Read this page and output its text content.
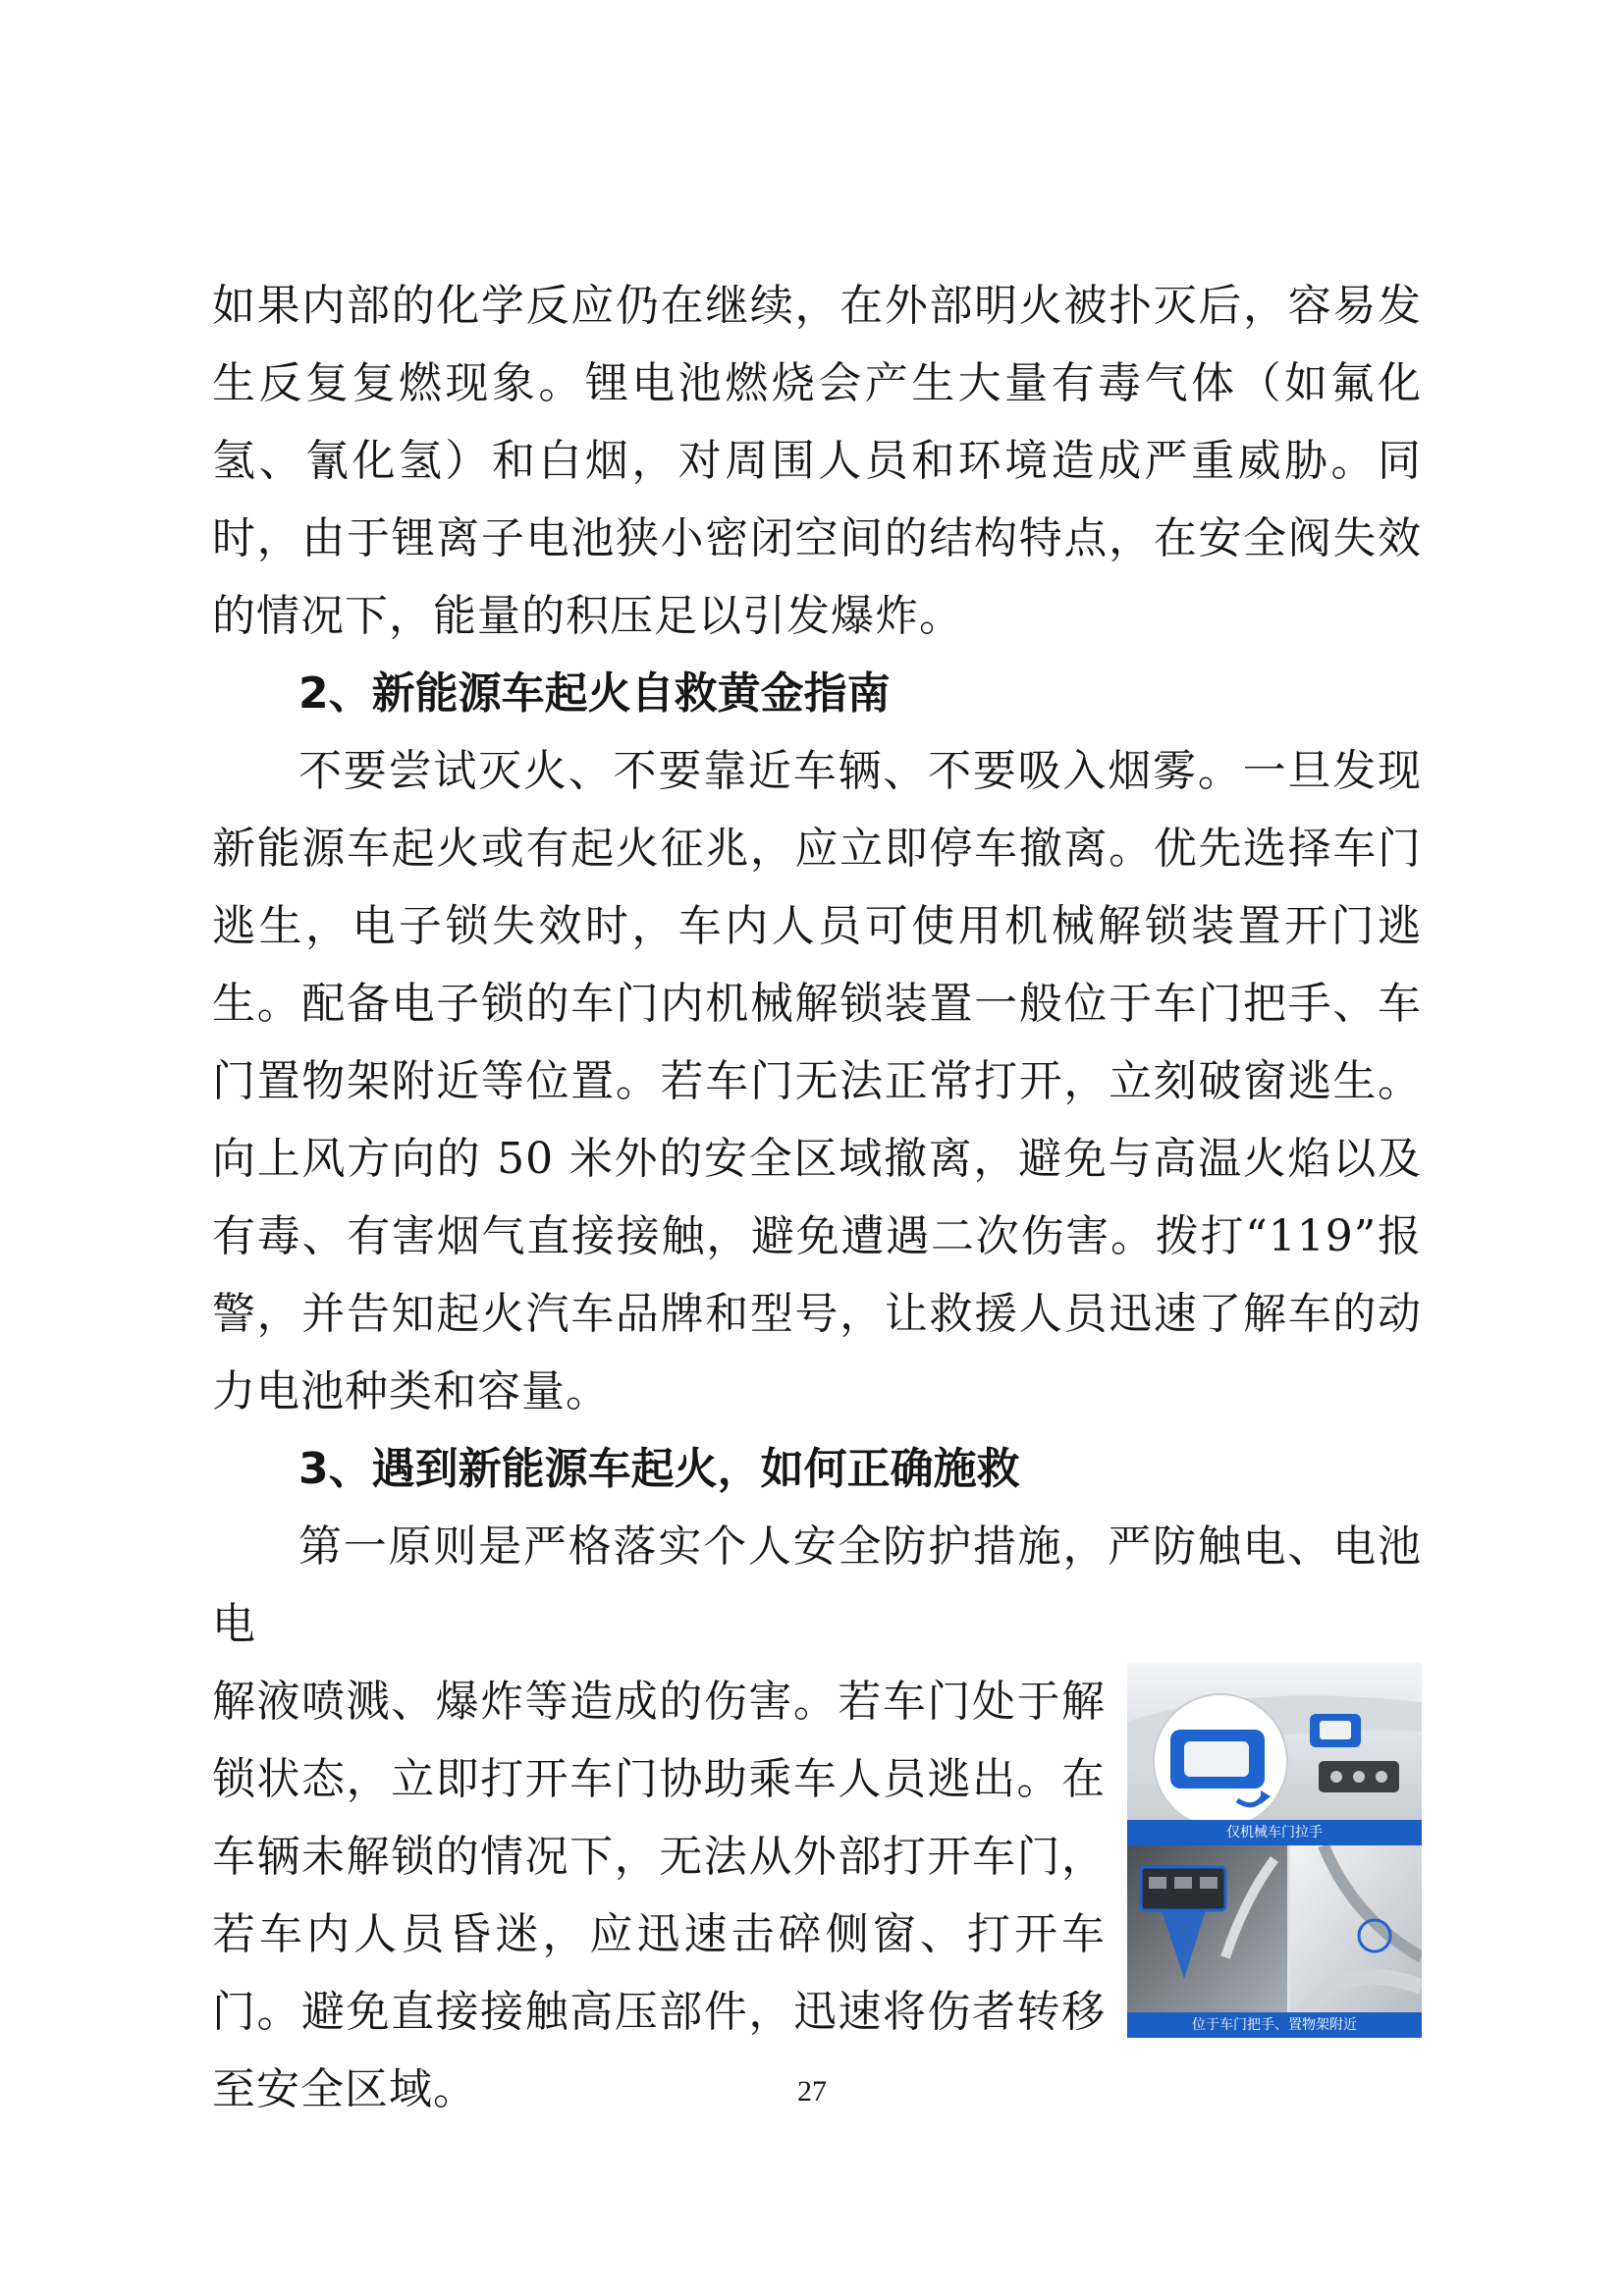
如果内部的化学反应仍在继续，在外部明火被扑灭后，容易发生反复复燃现象。锂电池燃烧会产生大量有毒气体（如氟化氢、氰化氢）和白烟，对周围人员和环境造成严重威胁。同时，由于锂离子电池狭小密闭空间的结构特点，在安全阀失效的情况下，能量的积压足以引发爆炸。

2、新能源车起火自救黄金指南

不要尝试灭火、不要靠近车辆、不要吸入烟雾。一旦发现新能源车起火或有起火征兆，应立即停车撤离。优先选择车门逃生，电子锁失效时，车内人员可使用机械解锁装置开门逃生。配备电子锁的车门内机械解锁装置一般位于车门把手、车门置物架附近等位置。若车门无法正常打开，立刻破窗逃生。向上风方向的 50 米外的安全区域撤离，避免与高温火焰以及有毒、有害烟气直接接触，避免遭遇二次伤害。拨打“119”报警，并告知起火汽车品牌和型号，让救援人员迅速了解车的动力电池种类和容量。

3、遇到新能源车起火，如何正确施救

第一原则是严格落实个人安全防护措施，严防触电、电池电

解液喷溅、爆炸等造成的伤害。若车门处于解锁状态，立即打开车门协助乘车人员逃出。在车辆未解锁的情况下，无法从外部打开车门，若车内人员昏迷，应迅速击碎侧窗、打开车门。避免直接接触高压部件，迅速将伤者转移至安全区域。

仅机械车门拉手
位于车门把手、置物架附近
27
